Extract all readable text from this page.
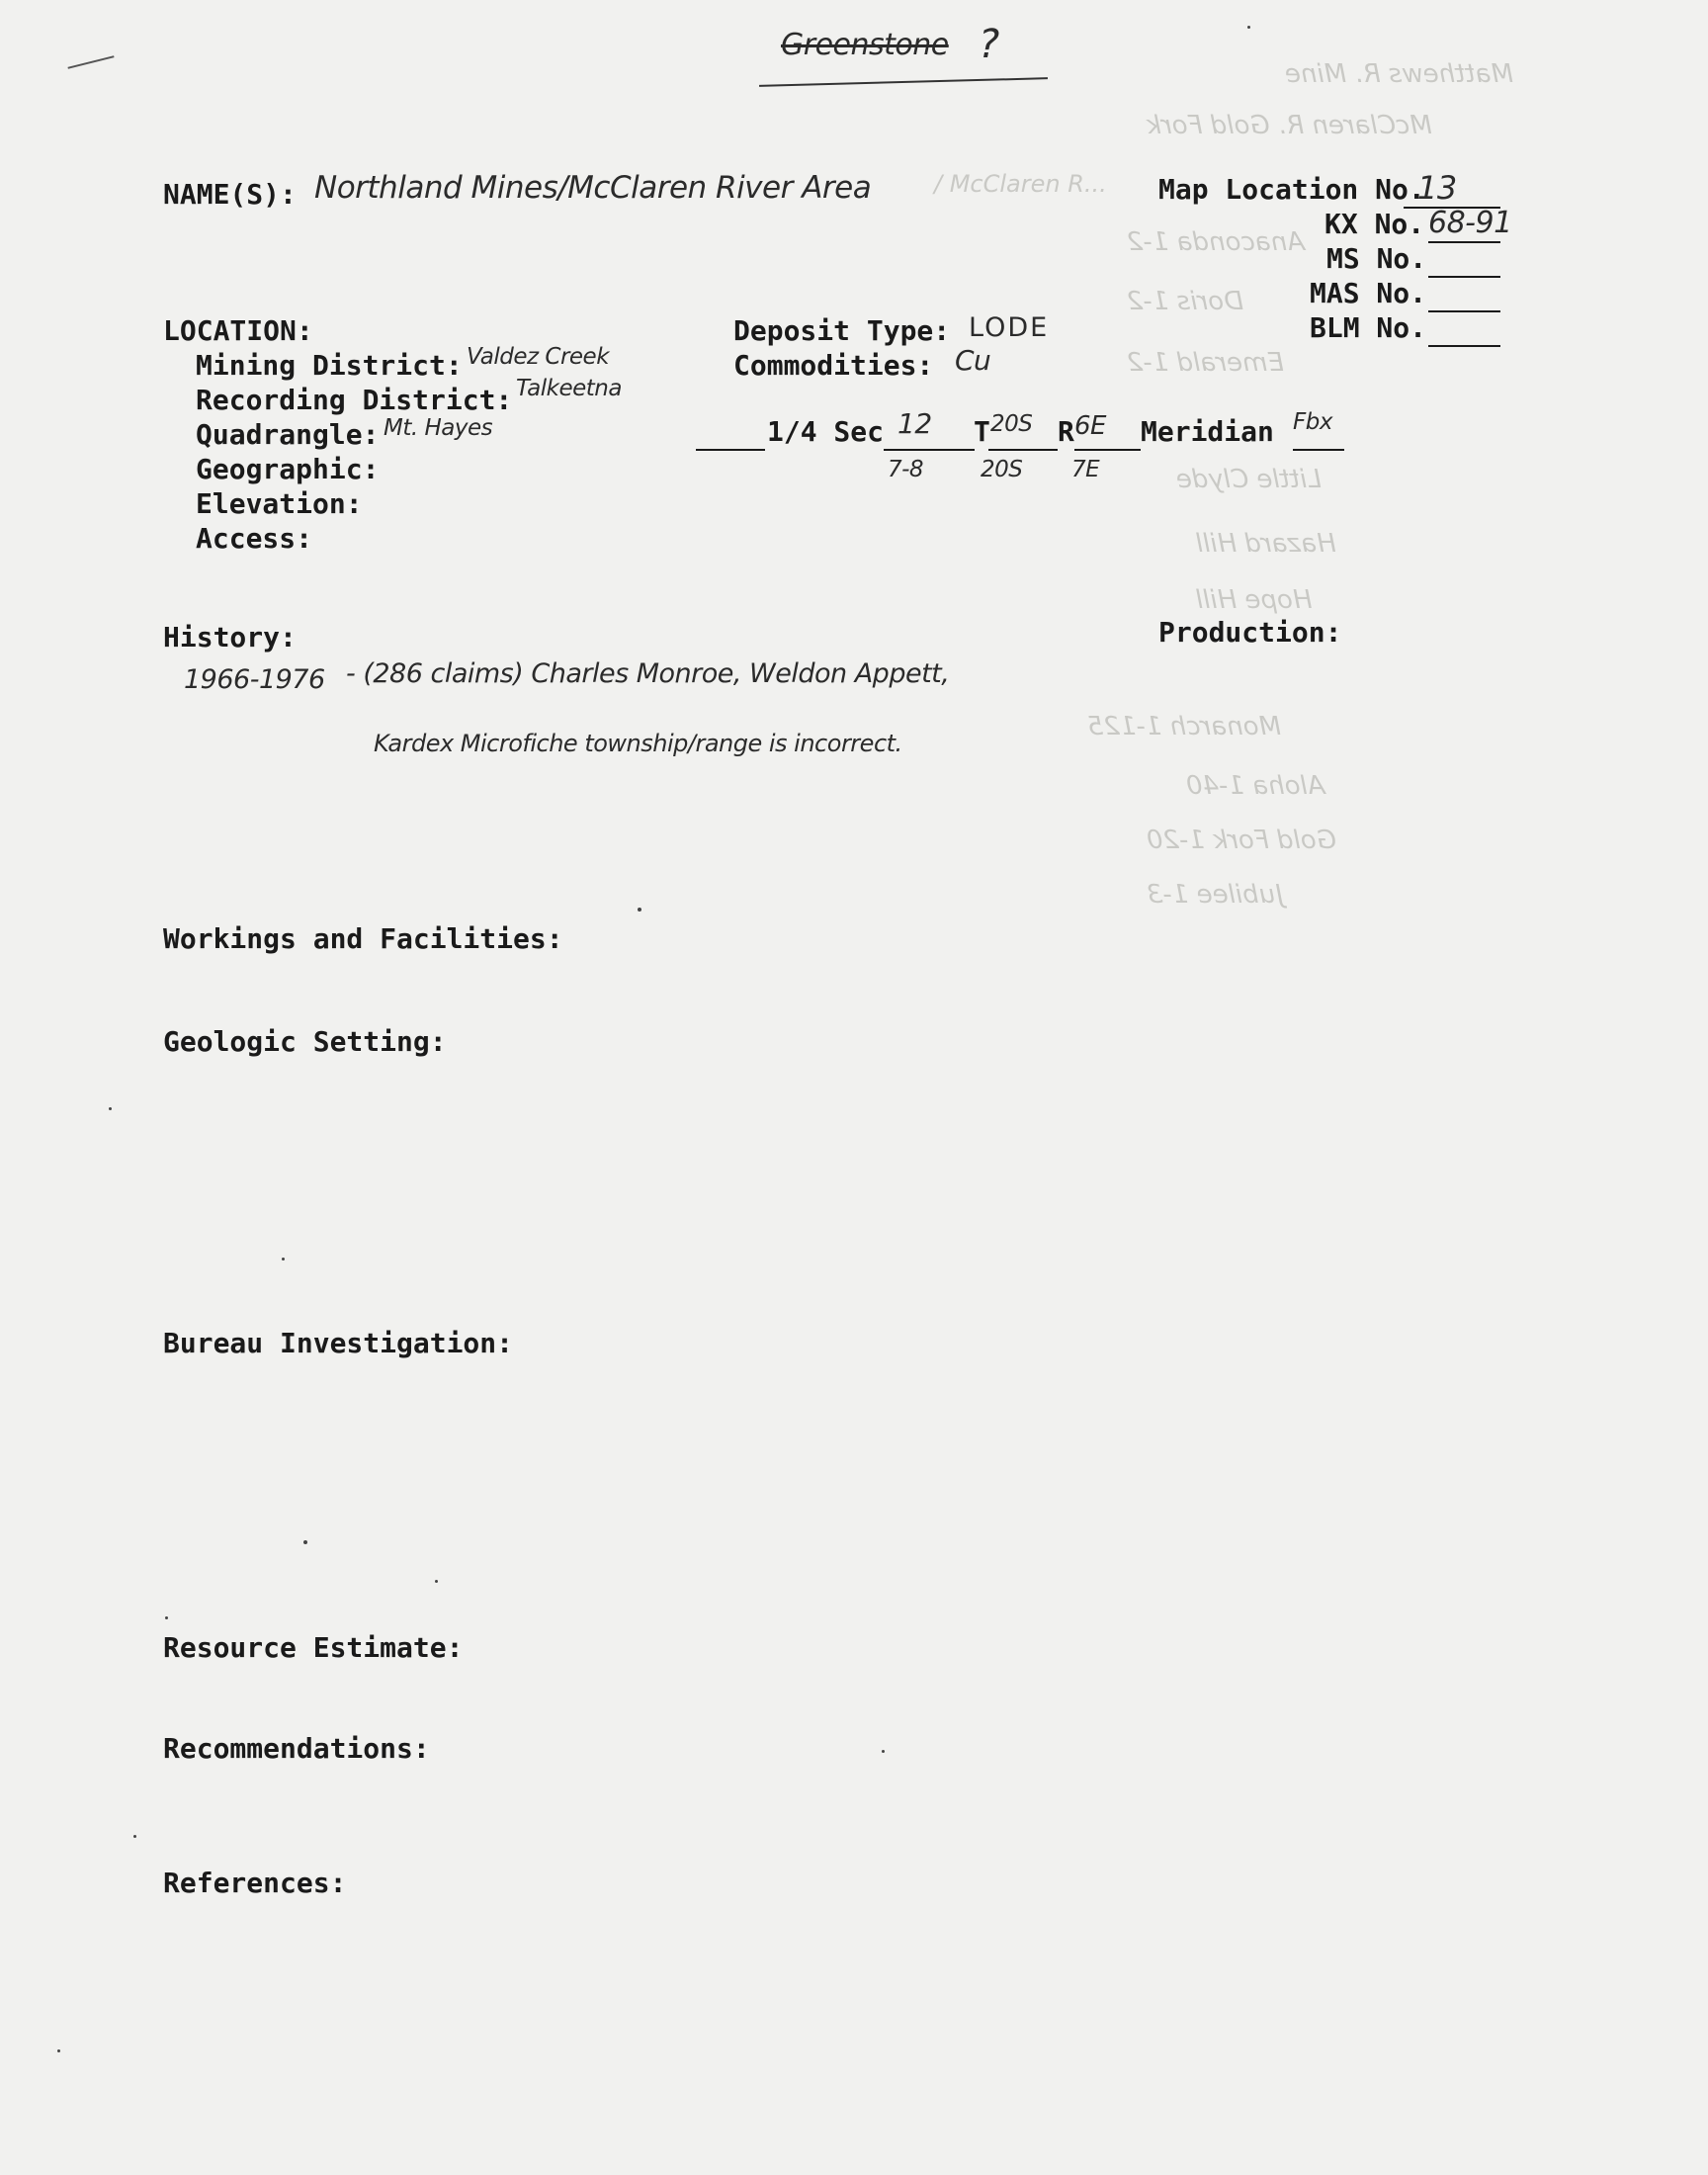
Matthews R. Mine
McClaren R. Gold Fork
Anaconda 1-2
Doris 1-2
Emerald 1-2
Little Clyde
Hazard Hill
Hope Hill
Monarch 1-125
Aloha 1-40
Gold Fork 1-20
Jubilee 1-3
Greenstone ?
NAME(S): Northland Mines/McClaren River Area	/ McClaren R... Map Location No.
13
KX No. 68-91
MS No.
MAS No.
BLM No.
LOCATION:
Mining District: Valdez Creek
Recording District: Talkeetna
Quadrangle: Mt. Hayes
Geographic:
Elevation:
Access:
Deposit Type: LODE
Commodities: Cu
1/4 Sec 12
7-8
T 20S
20S
R 6E
7E
Meridian Fbx
History:	Production:
1966-1976 - (286 claims) Charles Monroe, Weldon Appett,
Kardex Microfiche township/range is incorrect.
Workings and Facilities:
Geologic Setting:
Bureau Investigation:
Resource Estimate:
Recommendations:
References:
